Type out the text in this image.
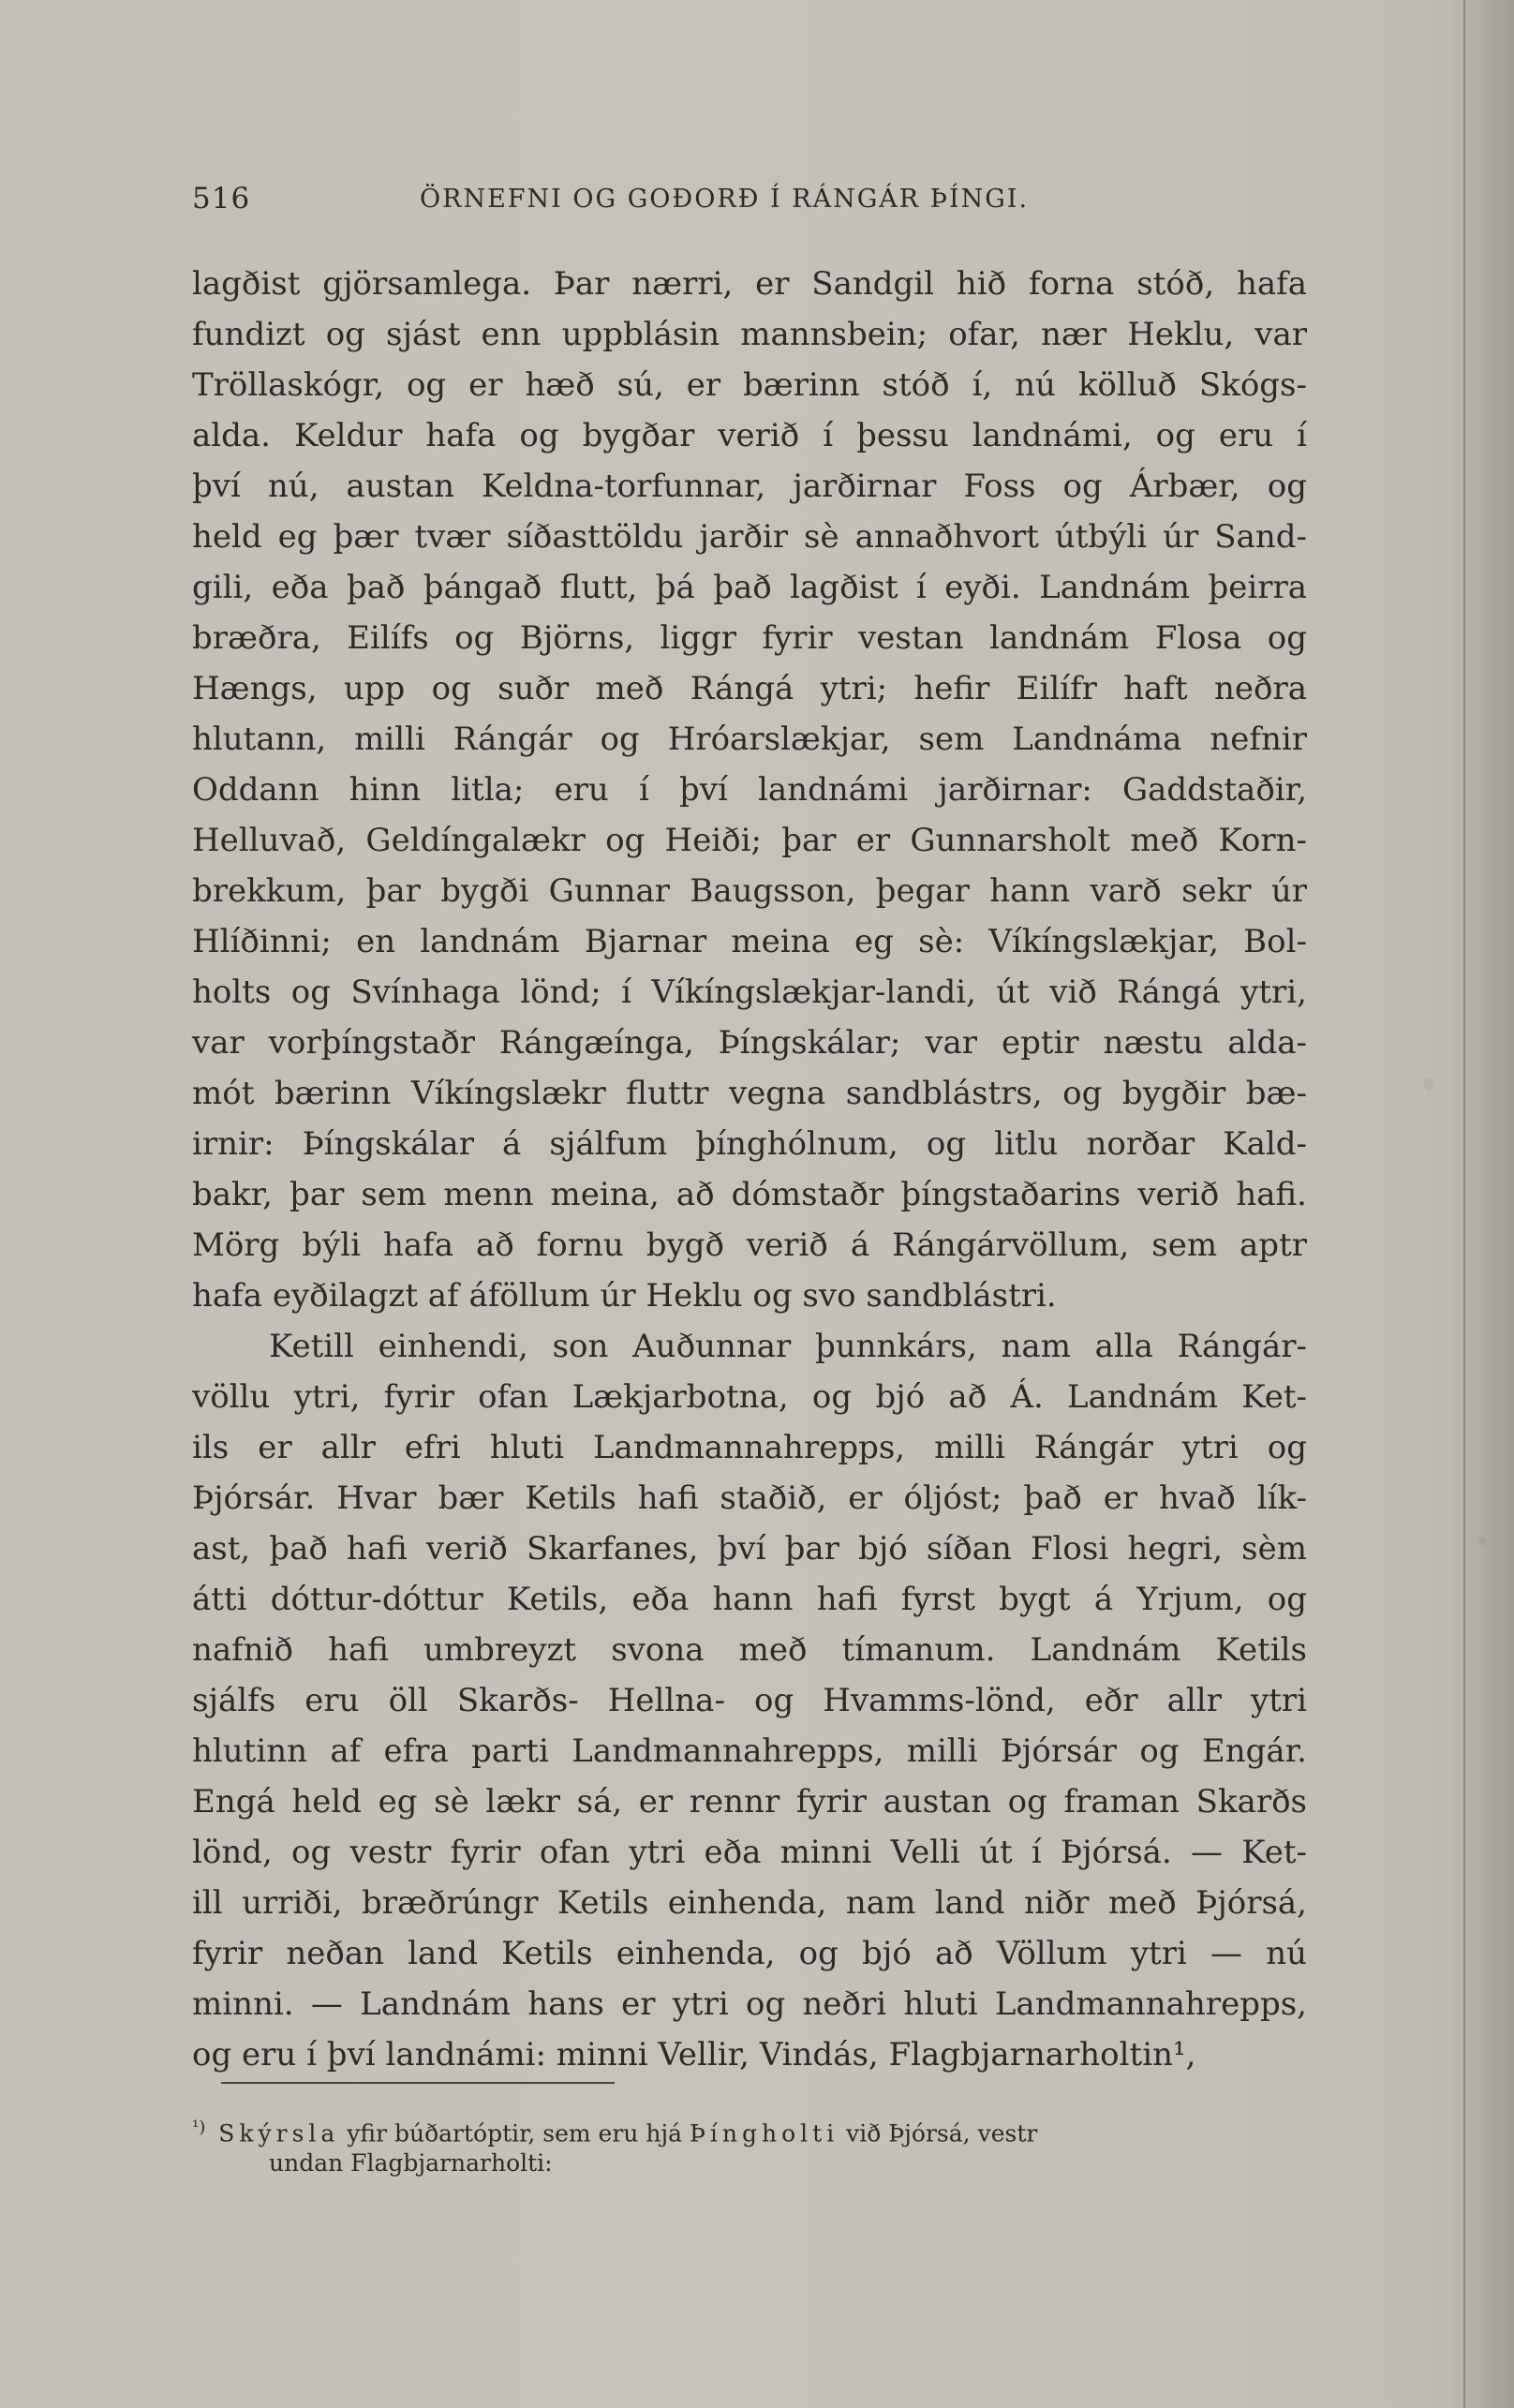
516	ÖRNEFNI OG GOÐORÐ Í RÁNGÁR ÞÍNGI.
lagðist gjörsamlega. Þar nærri, er Sandgil hið forna stóð, hafa
fundizt og sjást enn uppblásin mannsbein; ofar, nær Heklu, var
Tröllaskógr, og er hæð sú, er bærinn stóð í, nú kölluð Skógs-
alda. Keldur hafa og bygðar verið í þessu landnámi, og eru í
því nú, austan Keldna-torfunnar, jarðirnar Foss og Árbær, og
held eg þær tvær síðasttöldu jarðir sè annaðhvort útbýli úr Sand-
gili, eða það þángað flutt, þá það lagðist í eyði. Landnám þeirra
bræðra, Eilífs og Björns, liggr fyrir vestan landnám Flosa og
Hængs, upp og suðr með Rángá ytri; hefir Eilífr haft neðra
hlutann, milli Rángár og Hróarslækjar, sem Landnáma nefnir
Oddann hinn litla; eru í því landnámi jarðirnar: Gaddstaðir,
Helluvað, Geldíngalækr og Heiði; þar er Gunnarsholt með Korn-
brekkum, þar bygði Gunnar Baugsson, þegar hann varð sekr úr
Hlíðinni; en landnám Bjarnar meina eg sè: Víkíngslækjar, Bol-
holts og Svínhaga lönd; í Víkíngslækjar-landi, út við Rángá ytri,
var vorþíngstaðr Rángæínga, Þíngskálar; var eptir næstu alda-
mót bærinn Víkíngslækr fluttr vegna sandblástrs, og bygðir bæ-
irnir: Þíngskálar á sjálfum þínghólnum, og litlu norðar Kald-
bakr, þar sem menn meina, að dómstaðr þíngstaðarins verið hafi.
Mörg býli hafa að fornu bygð verið á Rángárvöllum, sem aptr
hafa eyðilagzt af áföllum úr Heklu og svo sandblástri.
Ketill einhendi, son Auðunnar þunnkárs, nam alla Rángár-
völlu ytri, fyrir ofan Lækjarbotna, og bjó að Á. Landnám Ket-
ils er allr efri hluti Landmannahrepps, milli Rángár ytri og
Þjórsár. Hvar bær Ketils hafi staðið, er óljóst; það er hvað lík-
ast, það hafi verið Skarfanes, því þar bjó síðan Flosi hegri, sèm
átti dóttur-dóttur Ketils, eða hann hafi fyrst bygt á Yrjum, og
nafnið hafi umbreyzt svona með tímanum. Landnám Ketils
sjálfs eru öll Skarðs- Hellna- og Hvamms-lönd, eðr allr ytri
hlutinn af efra parti Landmannahrepps, milli Þjórsár og Engár.
Engá held eg sè lækr sá, er rennr fyrir austan og framan Skarðs
lönd, og vestr fyrir ofan ytri eða minni Velli út í Þjórsá. — Ket-
ill urriði, bræðrúngr Ketils einhenda, nam land niðr með Þjórsá,
fyrir neðan land Ketils einhenda, og bjó að Völlum ytri — nú
minni. — Landnám hans er ytri og neðri hluti Landmannahrepps,
og eru í því landnámi: minni Vellir, Vindás, Flagbjarnarholtin¹,
$^{^1)}$ Skýrsla yfir búðartóptir, sem eru hjá Þíngholti við Þjórsá, vestr
undan Flagbjarnarholti:
